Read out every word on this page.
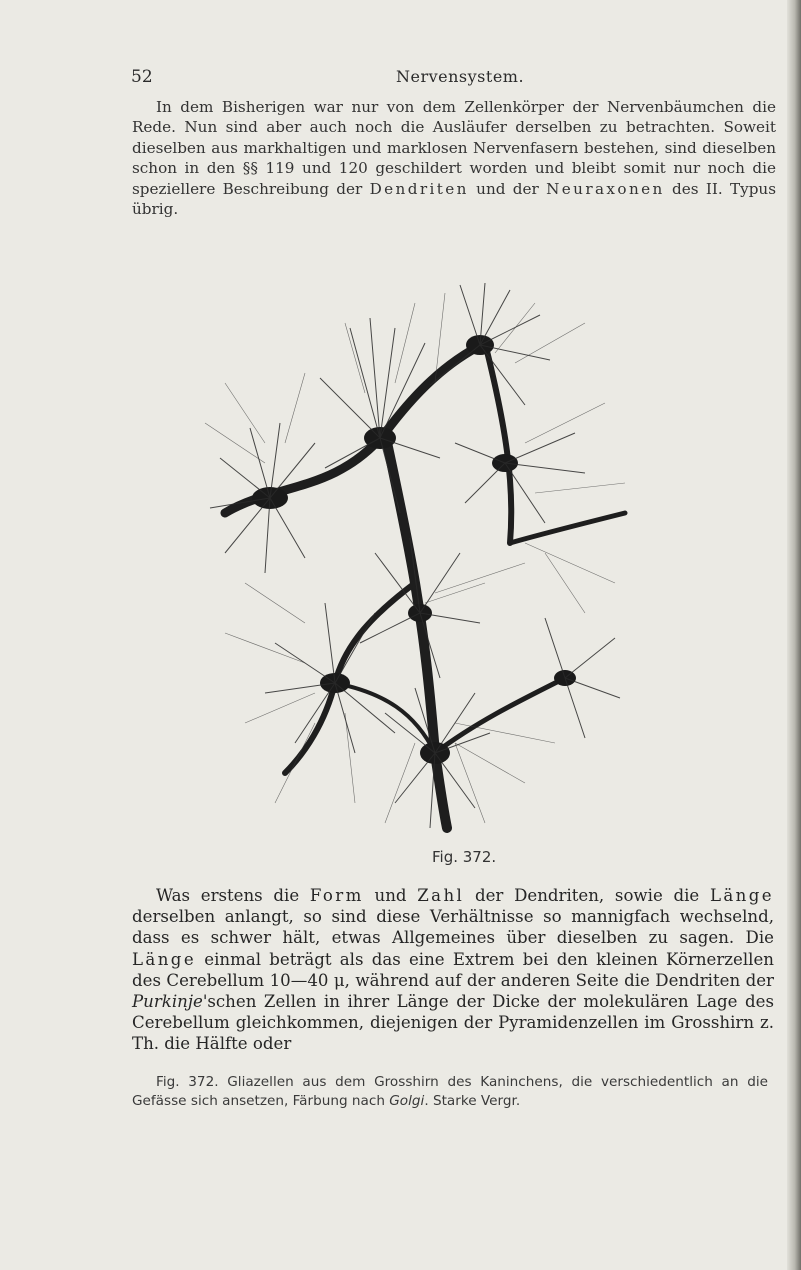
52	Nervensystem.

In dem Bisherigen war nur von dem Zellenkörper der Nervenbäumchen die Rede. Nun sind aber auch noch die Ausläufer derselben zu betrachten. Soweit dieselben aus markhaltigen und marklosen Nervenfasern bestehen, sind dieselben schon in den §§ 119 und 120 geschildert worden und bleibt somit nur noch die speziellere Beschreibung der Dendriten und der Neuraxonen des II. Typus übrig.

Fig. 372.

Was erstens die Form und Zahl der Dendriten, sowie die Länge derselben anlangt, so sind diese Verhältnisse so mannigfach wechselnd, dass es schwer hält, etwas Allgemeines über dieselben zu sagen. Die Länge einmal beträgt als das eine Extrem bei den kleinen Körnerzellen des Cerebellum 10—40 μ, während auf der anderen Seite die Dendriten der Purkinje'schen Zellen in ihrer Länge der Dicke der molekulären Lage des Cerebellum gleichkommen, diejenigen der Pyramidenzellen im Grosshirn z. Th. die Hälfte oder

Fig. 372. Gliazellen aus dem Grosshirn des Kaninchens, die verschiedentlich an die Gefässe sich ansetzen, Färbung nach Golgi. Starke Vergr.
